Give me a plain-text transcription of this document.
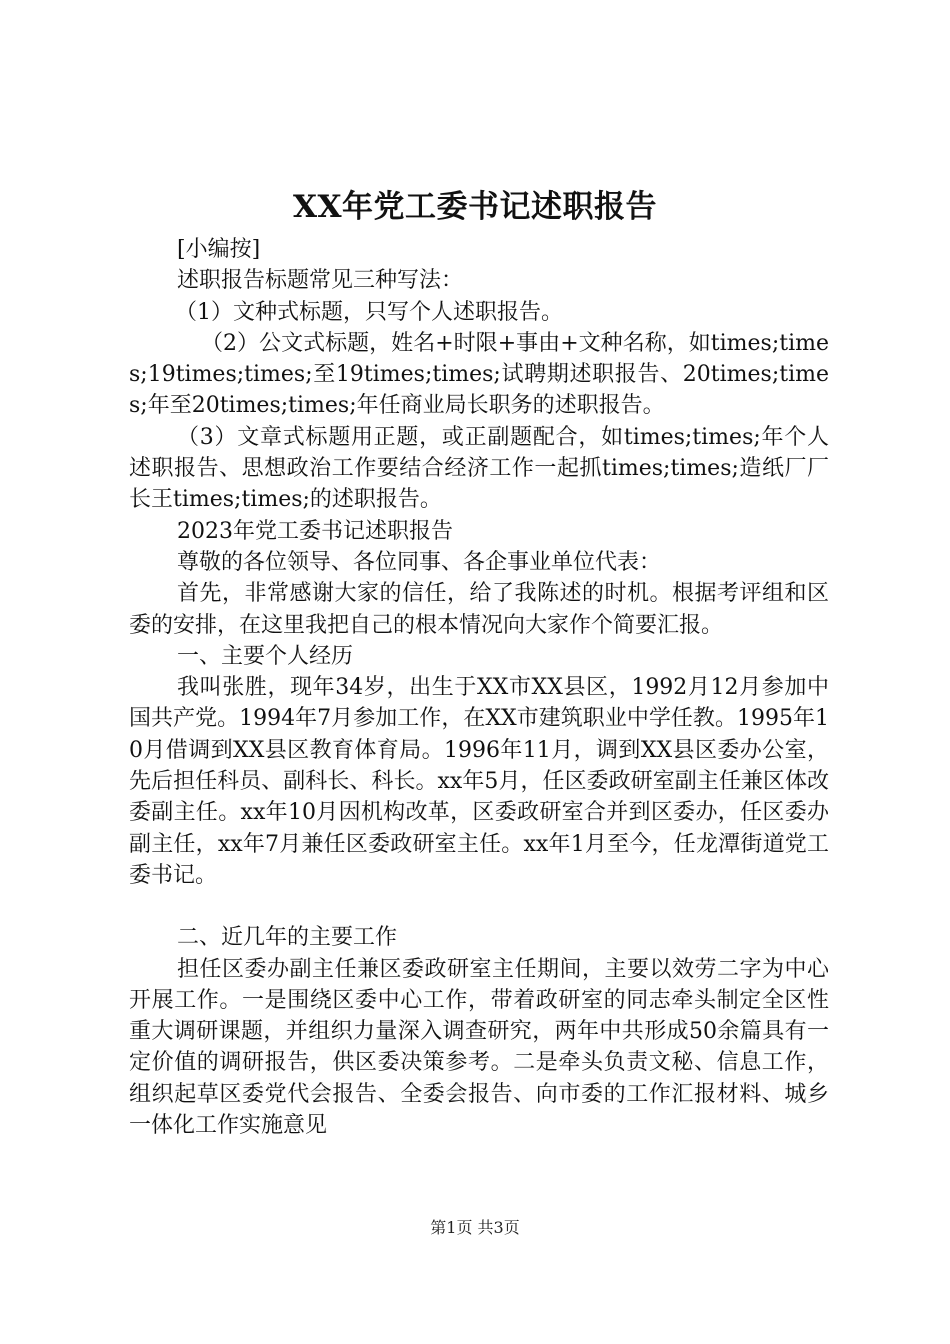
XX年党工委书记述职报告

[小编按]

述职报告标题常见三种写法：

（1）文种式标题，只写个人述职报告。

（2）公文式标题，姓名+时限+事由+文种名称，如times;times;19times;times;至19times;times;试聘期述职报告、20times;times;年至20times;times;年任商业局长职务的述职报告。

（3）文章式标题用正题，或正副题配合，如times;times;年个人述职报告、思想政治工作要结合经济工作一起抓times;times;造纸厂厂长王times;times;的述职报告。

2023年党工委书记述职报告

尊敬的各位领导、各位同事、各企事业单位代表：

首先，非常感谢大家的信任，给了我陈述的时机。根据考评组和区委的安排，在这里我把自己的根本情况向大家作个简要汇报。

一、主要个人经历

我叫张胜，现年34岁，出生于XX市XX县区，1992月12月参加中国共产党。1994年7月参加工作，在XX市建筑职业中学任教。1995年10月借调到XX县区教育体育局。1996年11月，调到XX县区委办公室，先后担任科员、副科长、科长。xx年5月，任区委政研室副主任兼区体改委副主任。xx年10月因机构改革，区委政研室合并到区委办，任区委办副主任，xx年7月兼任区委政研室主任。xx年1月至今，任龙潭街道党工委书记。

二、近几年的主要工作

担任区委办副主任兼区委政研室主任期间，主要以效劳二字为中心开展工作。一是围绕区委中心工作，带着政研室的同志牵头制定全区性重大调研课题，并组织力量深入调查研究，两年中共形成50余篇具有一定价值的调研报告，供区委决策参考。二是牵头负责文秘、信息工作，组织起草区委党代会报告、全委会报告、向市委的工作汇报材料、城乡一体化工作实施意见

第1页 共3页
